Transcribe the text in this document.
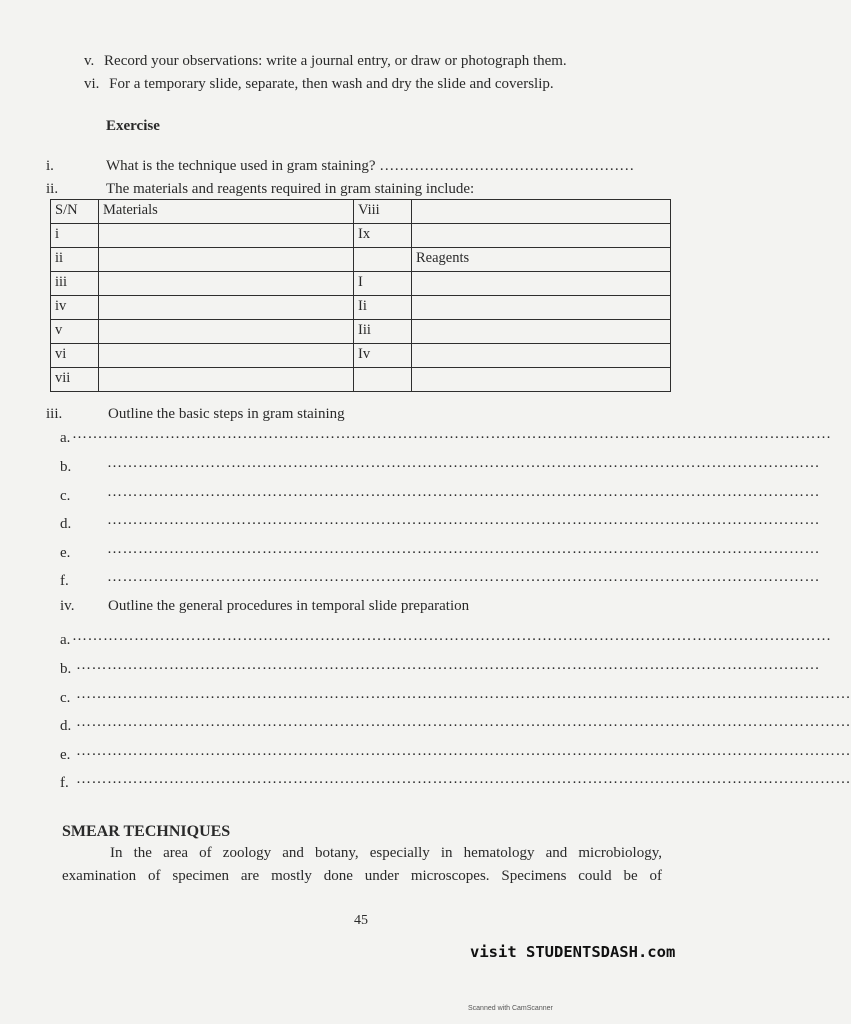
v. Record your observations: write a journal entry, or draw or photograph them.
vi. For a temporary slide, separate, then wash and dry the slide and coverslip.
Exercise
i.	What is the technique used in gram staining? ……………………………………………
ii.	The materials and reagents required in gram staining include:
S/N	Materials	Viii	
i		Ix	
ii			Reagents
iii		I	
iv		Ii	
v		Iii	
vi		Iv	
vii			
iii.	Outline the basic steps in gram staining
a. …………………………………………………………………………………………………………………………………
b. …………………………………………………………………………………………………………………………
c. …………………………………………………………………………………………………………………………
d. …………………………………………………………………………………………………………………………
e. …………………………………………………………………………………………………………………………
f.	…………………………………………………………………………………………………………………………
iv. Outline the general procedures in temporal slide preparation
a. …………………………………………………………………………………………………………………………………
b. ………………………………………………………………………………………………………………………………
c. ……………………………………………………………………………………………………………………………………
d. ……………………………………………………………………………………………………………………………………
e. ……………………………………………………………………………………………………………………………………
f. ……………………………………………………………………………………………………………………………………
SMEAR TECHNIQUES
In the area of zoology and botany, especially in hematology and microbiology,
examination of specimen are mostly done under microscopes. Specimens could be of
45
visit STUDENTSDASH.com
Scanned with CamScanner
